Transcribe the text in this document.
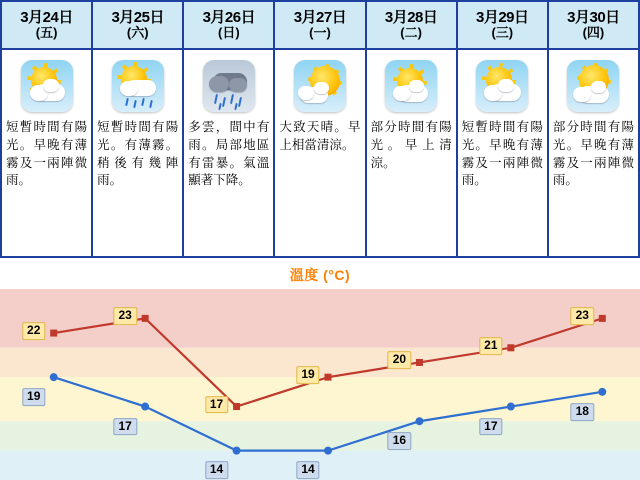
3月24日
(五)
短暫時間有陽光。早晚有薄霧及一兩陣微雨。
3月25日
(六)
短暫時間有陽光。有薄霧。稍後有幾陣雨。
3月26日
(日)
多雲，間中有雨。局部地區有雷暴。氣溫顯著下降。
3月27日
(一)
大致天晴。早上相當清涼。
3月28日
(二)
部分時間有陽光。早上清涼。
3月29日
(三)
短暫時間有陽光。早晚有薄霧及一兩陣微雨。
3月30日
(四)
部分時間有陽光。早晚有薄霧及一兩陣微雨。
溫度 (°C)
22
23
17
19
20
21
23
19
17
14	14
16
17
18
